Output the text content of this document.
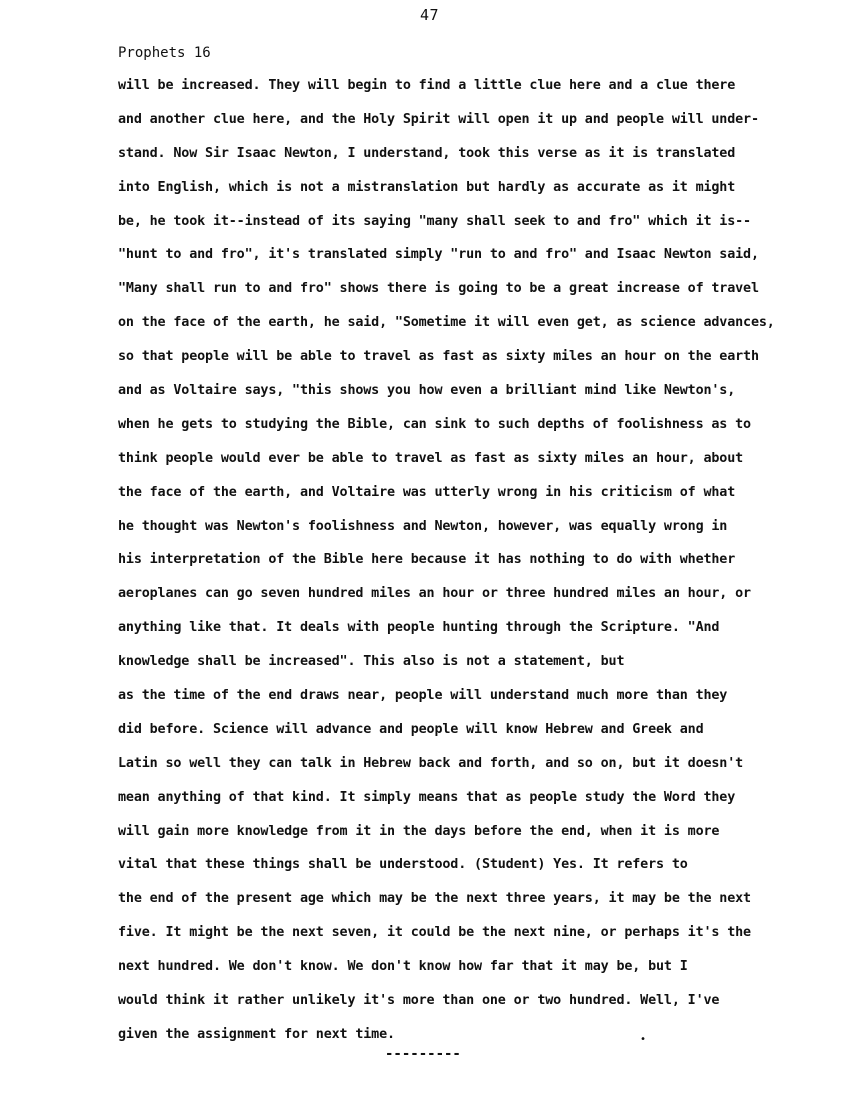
47
Prophets 16
will be increased. They will begin to find a little clue here and a clue there
and another clue here, and the Holy Spirit will open it up and people will under-
stand. Now Sir Isaac Newton, I understand, took this verse as it is translated
into English, which is not a mistranslation but hardly as accurate as it might
be, he took it--instead of its saying "many shall seek to and fro" which it is--
"hunt to and fro", it's translated simply "run to and fro" and Isaac Newton said,
"Many shall run to and fro" shows there is going to be a great increase of travel
on the face of the earth, he said, "Sometime it will even get, as science advances,
so that people will be able to travel as fast as sixty miles an hour on the earth
and as Voltaire says, "this shows you how even a brilliant mind like Newton's,
when he gets to studying the Bible, can sink to such depths of foolishness as to
think people would ever be able to travel as fast as sixty miles an hour, about
the face of the earth, and Voltaire was utterly wrong in his criticism of what
he thought was Newton's foolishness and Newton, however, was equally wrong in
his interpretation of the Bible here because it has nothing to do with whether
aeroplanes can go seven hundred miles an hour or three hundred miles an hour, or
anything like that. It deals with people hunting through the Scripture. "And
knowledge shall be increased". This also is not a statement, but
as the time of the end draws near, people will understand much more than they
did before. Science will advance and people will know Hebrew and Greek and
Latin so well they can talk in Hebrew back and forth, and so on, but it doesn't
mean anything of that kind. It simply means that as people study the Word they
will gain more knowledge from it in the days before the end, when it is more
vital that these things shall be understood. (Student) Yes. It refers to
the end of the present age which may be the next three years, it may be the next
five. It might be the next seven, it could be the next nine, or perhaps it's the
next hundred. We don't know. We don't know how far that it may be, but I
would think it rather unlikely it's more than one or two hundred. Well, I've
given the assignment for next time.	•
---------
